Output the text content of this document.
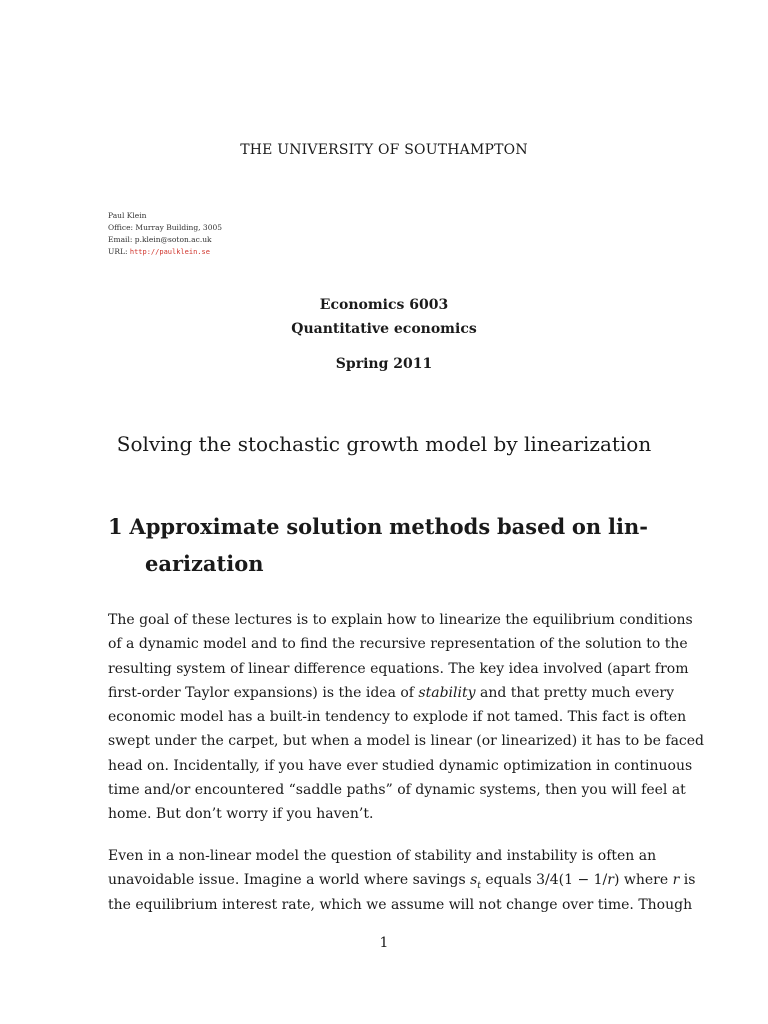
THE UNIVERSITY OF SOUTHAMPTON
Paul Klein
Office: Murray Building, 3005
Email: p.klein@soton.ac.uk
URL: http://paulklein.se
Economics 6003
Quantitative economics
Spring 2011
Solving the stochastic growth model by linearization
1 Approximate solution methods based on lin-
earization
The goal of these lectures is to explain how to linearize the equilibrium conditions
of a dynamic model and to find the recursive representation of the solution to the
resulting system of linear difference equations. The key idea involved (apart from
first-order Taylor expansions) is the idea of stability and that pretty much every
economic model has a built-in tendency to explode if not tamed. This fact is often
swept under the carpet, but when a model is linear (or linearized) it has to be faced
head on. Incidentally, if you have ever studied dynamic optimization in continuous
time and/or encountered “saddle paths” of dynamic systems, then you will feel at
home. But don’t worry if you haven’t.
Even in a non-linear model the question of stability and instability is often an
unavoidable issue. Imagine a world where savings $s_t$ equals 3/4(1 − 1/r) where r is
the equilibrium interest rate, which we assume will not change over time. Though
1
